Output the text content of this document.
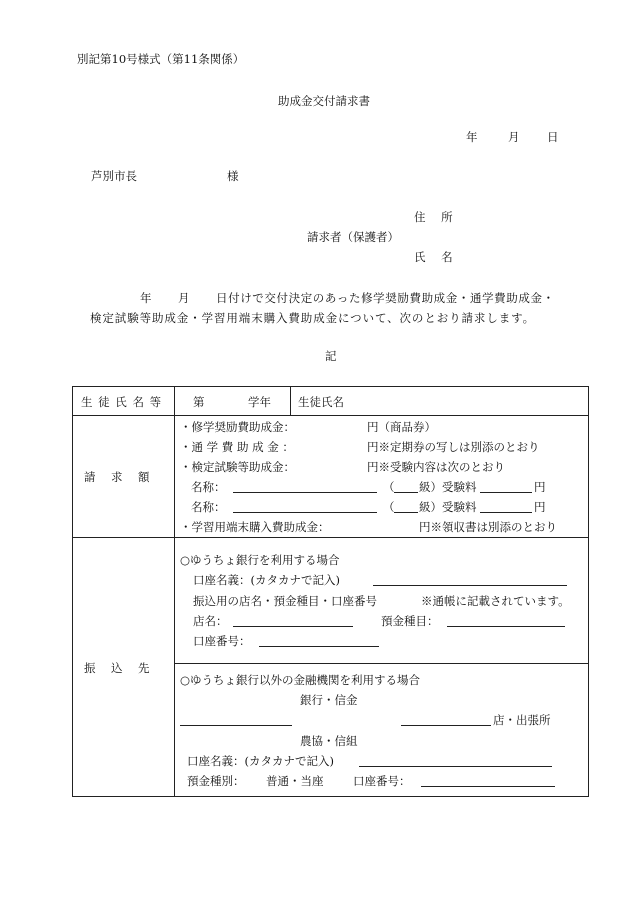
別記第10号様式（第11条関係）
助成金交付請求書
年	月 日
芦別市長	様
住 所
請求者（保護者）
氏 名
年 月 日付けで交付決定のあった修学奨励費助成金・通学費助成金・
検定試験等助成金・学習用端末購入費助成金について、次のとおり請求します。
記
生 徒 氏 名 等	第	学年 生徒氏名
請　求　額
・修学奨励費助成金：	円（商品券）
・通 学 費 助 成 金 ：	円※定期券の写しは別添のとおり
・検定試験等助成金：	円※受験内容は次のとおり
名称：	（ 級）受験料	円
名称：	（ 級）受験料	円
・学習用端末購入費助成金：	円※領収書は別添のとおり
振　込　先
○ゆうちょ銀行を利用する場合
口座名義：(カタカナで記入)
振込用の店名・預金種目・口座番号	※通帳に記載されています。
店名：	預金種目：
口座番号：
○ゆうちょ銀行以外の金融機関を利用する場合
銀行・信金
店・出張所
農協・信組
口座名義：(カタカナで記入)
預金種別： 普通・当座	口座番号：
